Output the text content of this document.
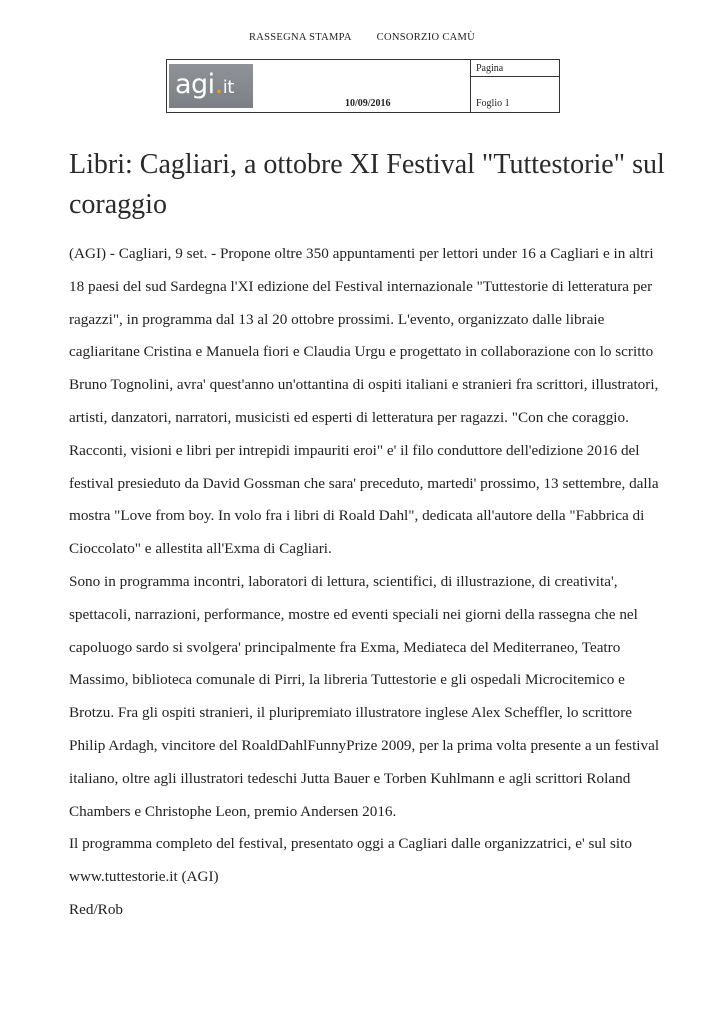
RASSEGNA STAMPA CONSORZIO CAMÙ
agi.it
10/09/2016
Pagina
Foglio 1
Libri: Cagliari, a ottobre XI Festival "Tuttestorie" sul coraggio

(AGI) - Cagliari, 9 set. - Propone oltre 350 appuntamenti per lettori under 16 a Cagliari e in altri 18 paesi del sud Sardegna l'XI edizione del Festival internazionale "Tuttestorie di letteratura per ragazzi", in programma dal 13 al 20 ottobre prossimi. L'evento, organizzato dalle libraie cagliaritane Cristina e Manuela fiori e Claudia Urgu e progettato in collaborazione con lo scritto Bruno Tognolini, avra' quest'anno un'ottantina di ospiti italiani e stranieri fra scrittori, illustratori, artisti, danzatori, narratori, musicisti ed esperti di letteratura per ragazzi. "Con che coraggio. Racconti, visioni e libri per intrepidi impauriti eroi" e' il filo conduttore dell'edizione 2016 del festival presieduto da David Gossman che sara' preceduto, martedi' prossimo, 13 settembre, dalla mostra "Love from boy. In volo fra i libri di Roald Dahl", dedicata all'autore della "Fabbrica di Cioccolato" e allestita all'Exma di Cagliari.

Sono in programma incontri, laboratori di lettura, scientifici, di illustrazione, di creativita', spettacoli, narrazioni, performance, mostre ed eventi speciali nei giorni della rassegna che nel capoluogo sardo si svolgera' principalmente fra Exma, Mediateca del Mediterraneo, Teatro Massimo, biblioteca comunale di Pirri, la libreria Tuttestorie e gli ospedali Microcitemico e Brotzu. Fra gli ospiti stranieri, il pluripremiato illustratore inglese Alex Scheffler, lo scrittore Philip Ardagh, vincitore del RoaldDahlFunnyPrize 2009, per la prima volta presente a un festival italiano, oltre agli illustratori tedeschi Jutta Bauer e Torben Kuhlmann e agli scrittori Roland Chambers e Christophe Leon, premio Andersen 2016.

Il programma completo del festival, presentato oggi a Cagliari dalle organizzatrici, e' sul sito www.tuttestorie.it (AGI)

Red/Rob
